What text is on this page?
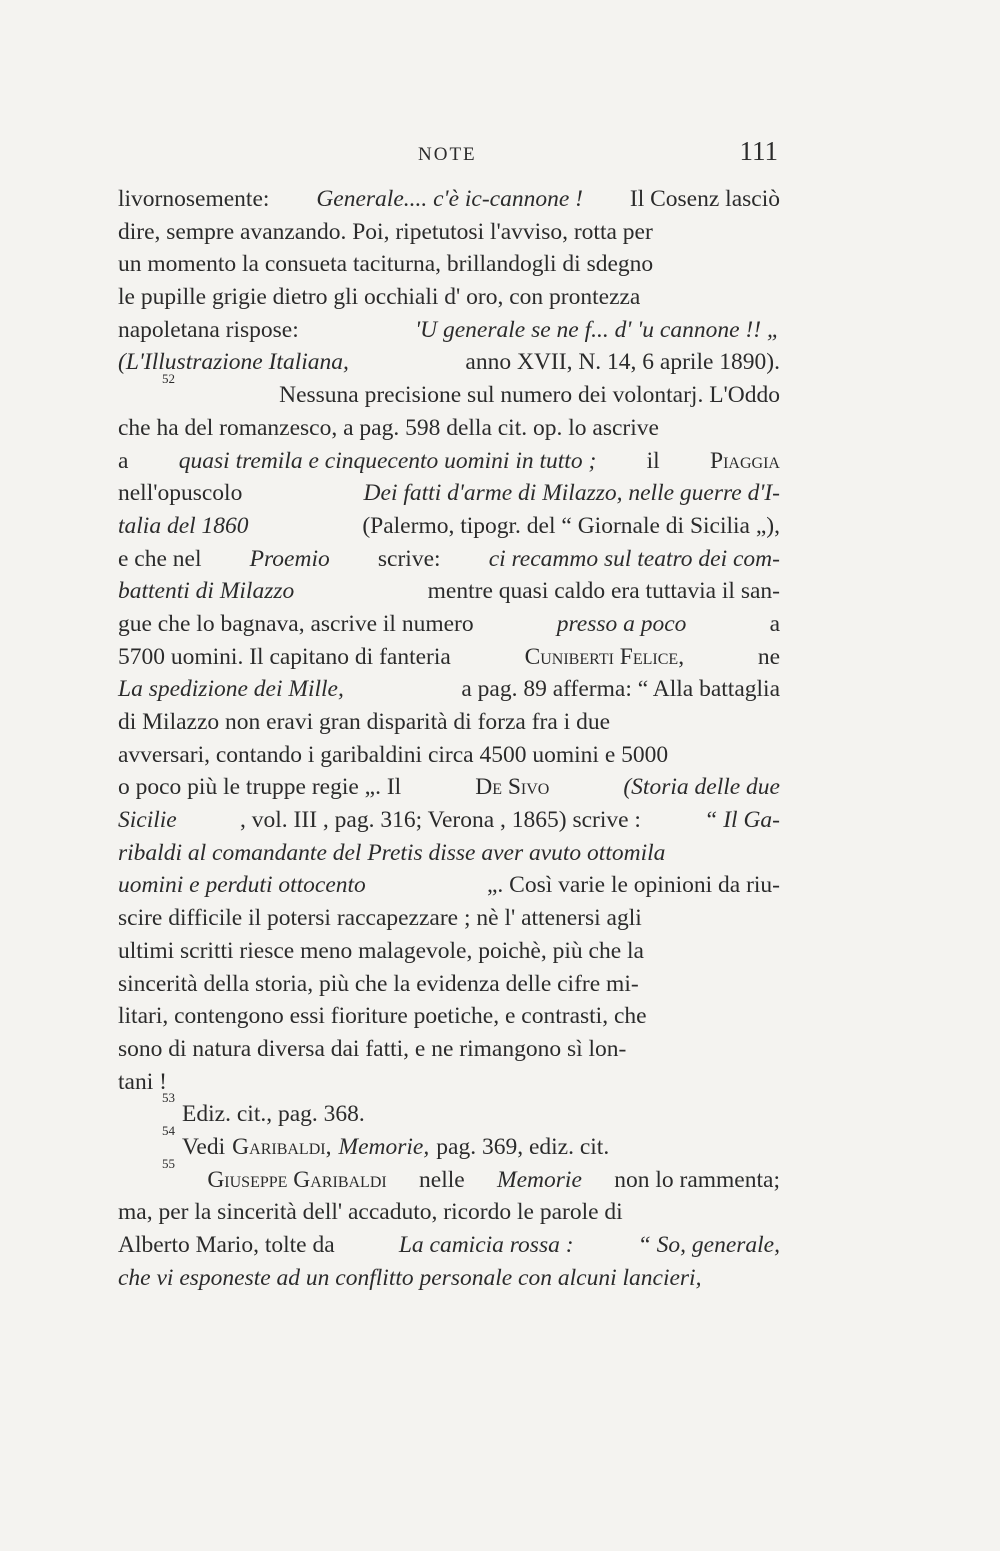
NOTE	111
livornosemente: Generale.... c'è ic-cannone ! Il Cosenz lasciò
dire, sempre avanzando. Poi, ripetutosi l'avviso, rotta per
un momento la consueta taciturna, brillandogli di sdegno
le pupille grigie dietro gli occhiali d' oro, con prontezza
napoletana rispose:	'U generale se ne f... d' 'u cannone !! „
(L'Illustrazione Italiana,	anno XVII, N. 14, 6 aprile 1890).
52
Nessuna precisione sul numero dei volontarj. L'Oddo
che ha del romanzesco, a pag. 598 della cit. op. lo ascrive
a quasi tremila e cinquecento uomini in tutto ; il Piaggia
nell'opuscolo	Dei fatti d'arme di Milazzo, nelle guerre d'I-
talia del 1860	(Palermo, tipogr. del “ Giornale di Sicilia „),
e che nel Proemio scrive: ci recammo sul teatro dei com-
battenti di Milazzo	mentre quasi caldo era tuttavia il san-
gue che lo bagnava, ascrive il numero	presso a poco	a
5700 uomini. Il capitano di fanteria	Cuniberti Felice,	ne
La spedizione dei Mille,	a pag. 89 afferma: “ Alla battaglia
di Milazzo non eravi gran disparità di forza fra i due
avversari, contando i garibaldini circa 4500 uomini e 5000
o poco più le truppe regie „. Il	De Sivo	(Storia delle due
Sicilie	, vol. III , pag. 316; Verona , 1865) scrive :	“ Il Ga-
ribaldi al comandante del Pretis disse aver avuto ottomila
uomini e perduti ottocento	„. Così varie le opinioni da riu-
scire difficile il potersi raccapezzare ; nè l' attenersi agli
ultimi scritti riesce meno malagevole, poichè, più che la
sincerità della storia, più che la evidenza delle cifre mi-
litari, contengono essi fioriture poetiche, e contrasti, che
sono di natura diversa dai fatti, e ne rimangono sì lon-
tani !
53
Ediz. cit., pag. 368.
54
Vedi Garibaldi, Memorie, pag. 369, ediz. cit.
55
Giuseppe Garibaldi nelle Memorie non lo rammenta;
ma, per la sincerità dell' accaduto, ricordo le parole di
Alberto Mario, tolte da	La camicia rossa :	“ So, generale,
che vi esponeste ad un conflitto personale con alcuni lancieri,
